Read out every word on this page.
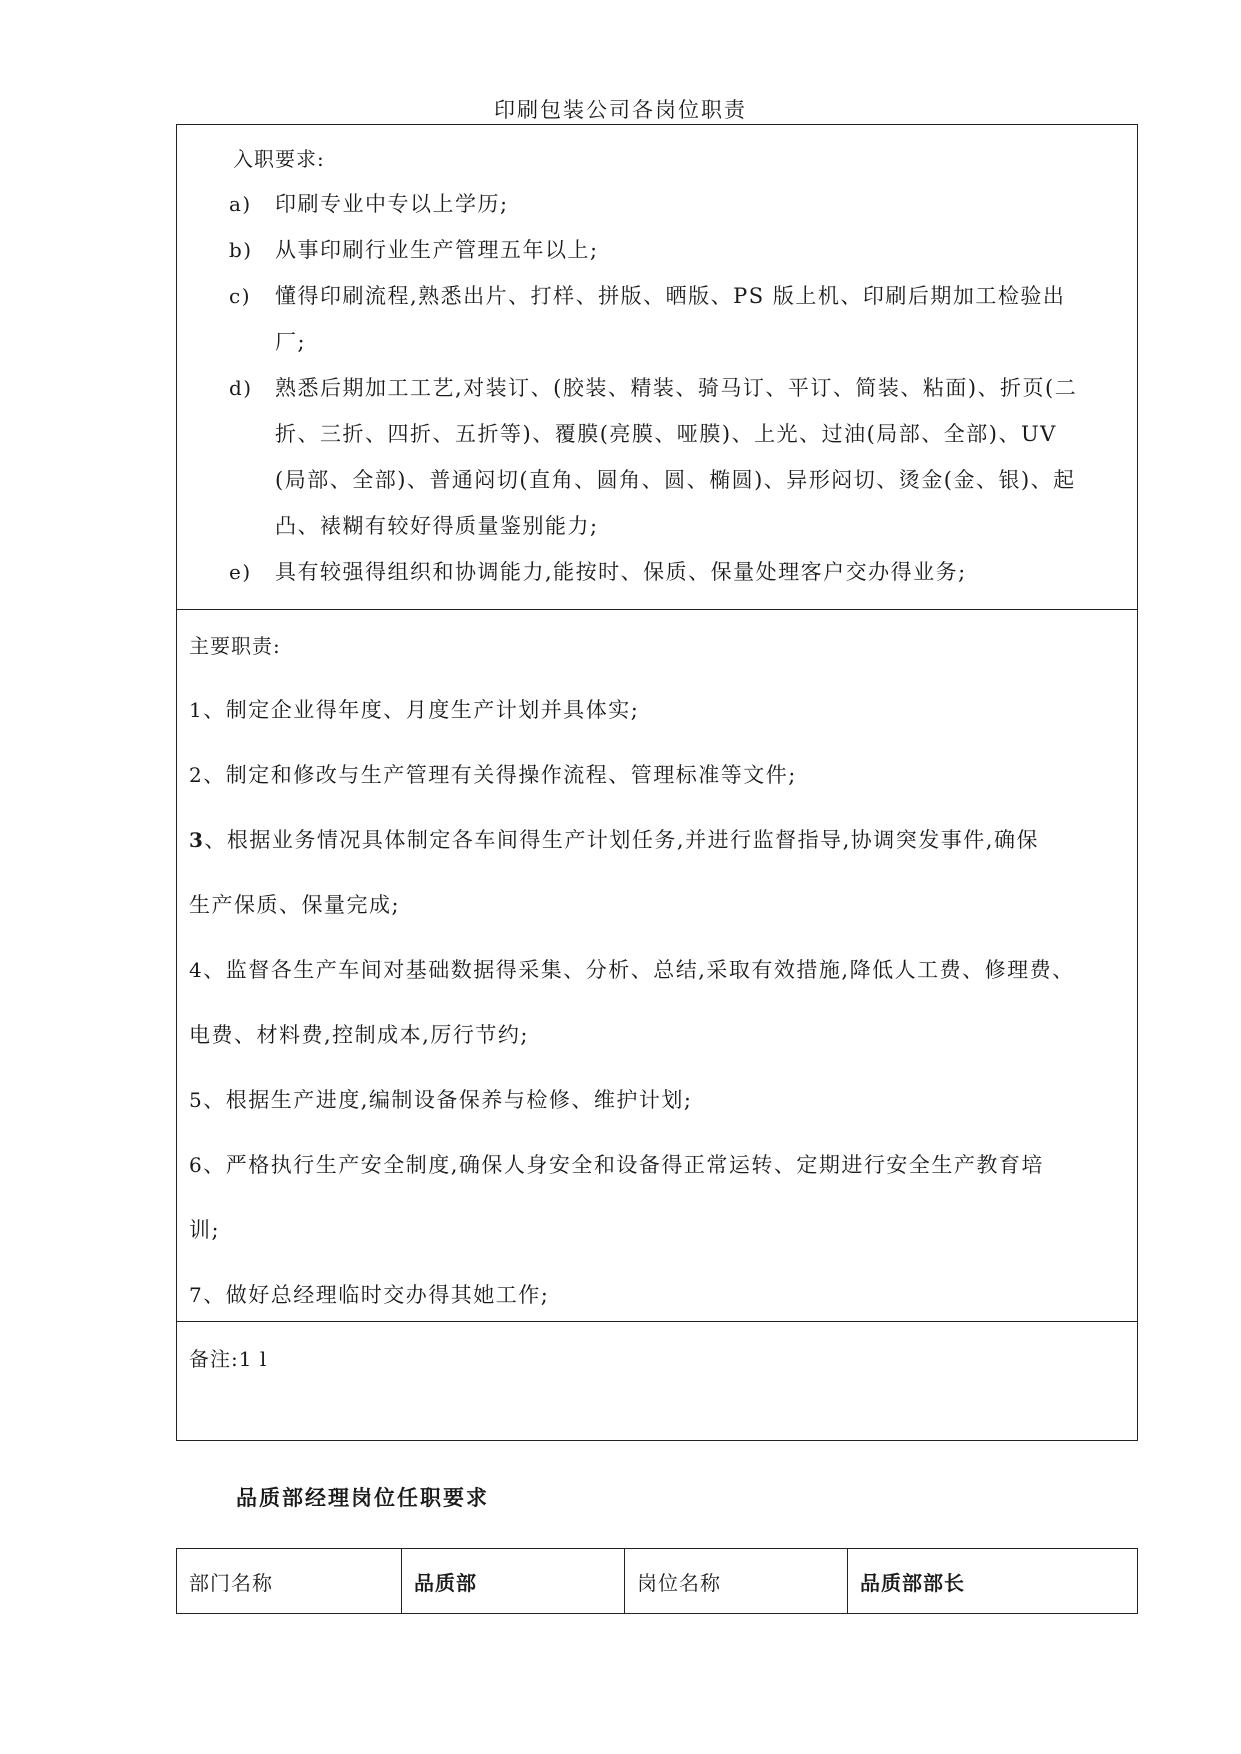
印刷包装公司各岗位职责
入职要求:
a) 印刷专业中专以上学历;
b) 从事印刷行业生产管理五年以上;
c) 懂得印刷流程,熟悉出片、打样、拼版、晒版、PS 版上机、印刷后期加工检验出
厂;
d) 熟悉后期加工工艺,对装订、(胶装、精装、骑马订、平订、简装、粘面)、折页(二
折、三折、四折、五折等)、覆膜(亮膜、哑膜)、上光、过油(局部、全部)、UV
(局部、全部)、普通闷切(直角、圆角、圆、椭圆)、异形闷切、烫金(金、银)、起
凸、裱糊有较好得质量鉴别能力;
e) 具有较强得组织和协调能力,能按时、保质、保量处理客户交办得业务;
主要职责:
1、制定企业得年度、月度生产计划并具体实;
2、制定和修改与生产管理有关得操作流程、管理标准等文件;
3、根据业务情况具体制定各车间得生产计划任务,并进行监督指导,协调突发事件,确保
生产保质、保量完成;
4、监督各生产车间对基础数据得采集、分析、总结,采取有效措施,降低人工费、修理费、
电费、材料费,控制成本,厉行节约;
5、根据生产进度,编制设备保养与检修、维护计划;
6、严格执行生产安全制度,确保人身安全和设备得正常运转、定期进行安全生产教育培
训;
7、做好总经理临时交办得其她工作;
备注:1 l
品质部经理岗位任职要求
部门名称	品质部	岗位名称	品质部部长
